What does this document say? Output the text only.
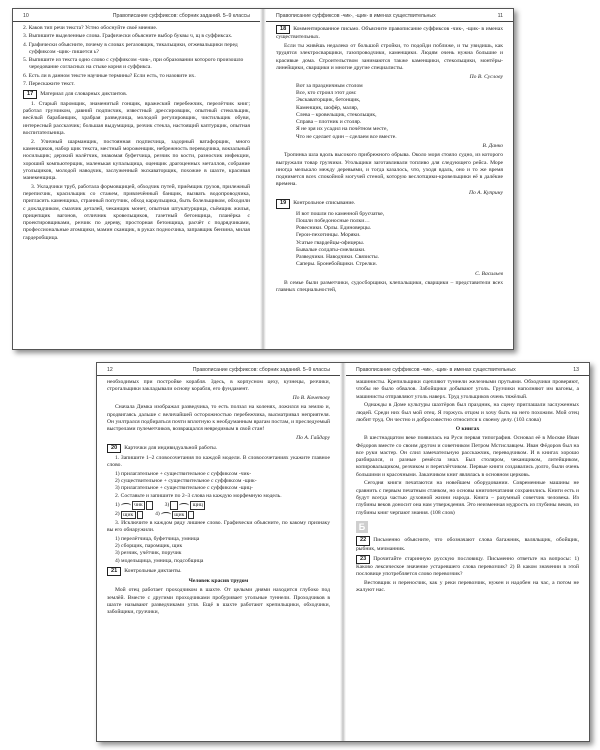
10	Правописание суффиксов: сборник заданий. 5–9 классы
2. Каков тип речи текста? Устно обоснуйте своё мнение.
3. Выпишите выделенные слова. Графически объясните выбор буквы ч, щ в суффиксах.
4. Графически объясните, почему в словах регазовщик, тикальщики, отжевальщики перед суффиксом -щик- пишется ь?
5. Выпишите из текста одно слово с суффиксом -чик-, при образовании которого произошло чередование согласных на стыке корня и суффикса.
6. Есть ли в данном тексте научные термины? Если есть, то назовите их.
7. Перескажите текст.
17 Материал для словарных диктантов.

1. Старый паромщик, знаменитый гонщик, вражеский перебежчик, перелётчик книг; работал грузчиком, давний подписчик, известный дрессировщик, опытный стекольщик, весёлый барабанщик, храбрая разведчица, молодой регулировщик, чистильщик обуви, интересный рассказчик; большая выдумщица, резчик стекла, настоящий каптурщик, опытная воспитательница.

2. Уличный шарманщик, постоянная подписчица, задорный ватафорщик, много каменщиков, набор щик текста, местный мороженщик, небрежность переводчика, вокзальный носильщик; дерзкий налётчик, знакомая буфетчица, резчик по кости, разносчик инфекции, хороший компьютерщик, маленькая купальщица, оценщик драгоценных металлов, собрание угольщиков, молодой наводчик, заслуженный экскаваторщик, похожие в шахте, красивая манекенщица.

3. Укладчики труб, работала формовщицей, обходчик путей, приёмщик грузов, прилежный переписчик, красильщик со стажем, привлечённый банщик, вызвать водопроводчика, пригласить каменщика, странный попутчик, обход караульщика, быть болельщиком, обходили с докладчиком, смазчик деталей, чеканщик монет, опытная штукатурщица, съёмщик жилья, прицепщик вагонов, отличник кровельщиков, газетный бетонщица, планёрка с проектировщиками, резчик по дереву, просторная бетонщица, расчёт с подрядчиками, профессиональные атомщики, мамин сканщик, в руках подносчика, заправщик бензина, милая гардеробщица.

Правописание суффиксов -чик-, -щик- в именах существительных	11
18 Комментированное письмо. Объясните правописание суффиксов -чик-, -щик- в именах существительных.

Если ты живёшь недалеко от большой стройки, то подойди поближе, и ты увидишь, как трудятся электросварщики, газопроводчики, каменщики. Людям очень нужна большие и красивые дома. Строительством занимаются также каменщики, стекольщики, монтёры-линейщики, сварщики и многие другие специалисты.

По В. Суслову
Вот за праздничным столом
Все, кто строил этот дом:
Экскаваторщик, бетонщик,
Каменщик, шофёр, маляр,
Слева – кровельщик, стекольщик,
Справа – плотник и столяр.
Я не зря их усадил на почётном месте,
Что не сделает один – сделаем все вместе.
В. Данко

Тропинка шла вдоль высокого прибрежного обрыва. Около моря стояло судно, из которого выгружали товар грузчики. Угольщики заготавливали топливо для следующего рейса. Море иногда мелькало между деревьями, и тогда казалось, что, уходя вдаль, оно и то же время поднимется всех спокойной могучей стеной, которую веслотщики-кровельщики её в далёкие времена.

По А. Куприну
19 Контрольное списывание.
И вот пошли по каменной брусчатке,
Пошли победоносные полки…
Ровесники. Орлы. Единоверцы.
Герои-пехотинцы. Моряки.
Усатые гвардейцы-офицеры.
Бывалые солдаты-смельчаки.
Разведчики. Наводчики. Связисты.
Саперы. Бронебойщики. Стрелки.
С. Васильев

В семье были разметчики, судосборщики, клепальщики, сварщики – представители всех главных специальностей,

12	Правописание суффиксов: сборник заданий. 5–9 классы

необходимых при постройке корабля. Здесь, в корпусном цеху, кузнецы, резчики, строгальщики закладывали основу корабля, его фундамент.

По В. Кочетову

Сначала Димка изображал разведчика, то есть ползал на коленях, ложился на землю и, продвигаясь дальше с величайшей осторожностью перебежчика, высматривал неприятеля. Он уилтрался подбираться почти вплотную к необдуманным врагам постам, и преследуемый выстрелами пулеметчиков, возвращался невредимым в свой стан!

По А. Гайдару
20 Карточки для индивидуальной работы.

1. Запишите 1–2 словосочетания по каждой модели. В словосочетаниях укажите главное слово.

1) прилагательное + существительное с суффиксом -чик-
2) существительное + существительное с суффиксом -щик-
3) прилагательное + существительное с суффиксом -щиц-

2. Составьте и запишите по 2–3 слова на каждую морфемную модель.

1)	чик
	3)
	щиц
2) щик
	4)	щик

3. Исключите в каждом ряду лишнее слово. Графически объясните, по какому признаку вы его обнаружили.

1) перелётчица, буфетчица, умница
2) сборщик, паромщик, щик
3) резчик, учётчик, поручик
4) модельщица, умница, подсобщица
21 Контрольные диктанты.
Человек красив трудом

Мой отец работает проходчиком в шахте. От целыми днями находится глубоко под землёй. Вместе с другими проходчиками пробуривает угольные туннели. Проходчиков в шахте называют разведчиками угля. Ещё в шахте работают крепильщики, обходчики, забойщики, грузчики,

Правописание суффиксов -чик-, -щик- в именах существительных	13

машинисты. Крепильщики сцепляют туннели железными прутьями. Обходчики проверяют, чтобы не было обвалов. Забойщики добывают уголь. Грузчики наполняют им вагоны, а машинисты отправляют уголь наверх. Труд угольщиков очень тяжёлый.

Однажды в Доме культуры шахтёров был праздник, на сцену приглашали заслуженных людей. Среди них был мой отец. Я горжусь отцом и хочу быть на него похожим. Мой отец любит труд. Он честно и добросовестно относится к своему делу. (103 слова)

О книгах

В шестнадцатом веке появилась на Руси первая типография. Основал её в Москве Иван Фёдоров вместе со своим другом и советником Петром Мстиславцем. Иван Фёдоров был на все руки мастер. Он слил замечательную расскажчик, переводчиком. И в книгах хорошо разбирался, и разные ремёсла знал. Был столяром, чеканщиком, литейщиком, копировальщиком, резчиком и переплётчиком. Первые книги создавались долго, были очень большими и красочными. Заказчиком книг являлась в основном церковь.

Сегодня книги печатаются на новейшем оборудовании. Современные машины не сравнить с первым печатным станком, но основы книгопечатания сохранились. Книги есть и будут всегда частью духовной жизни народа. Книга – разумный советчик человека. Из глубины веков доносит она нам утверждения. Это неизменная мудрость из глубины веков, из глубины книг черпают знания. (108 слов)

Б
22 Письменно объясните, что обозначают слова багажник, валяльщик, обойщик, рыбник, мичманник.
23 Прочитайте старинную русскую пословицу. Письменно ответьте на вопросы: 1) Каково лексическое значение устаревшего слова перевозчик? 2) В каком значении в этой пословице употребляется слово перевозчик?

Вестовщик и переносчик, как у реки перевозчик, нужен и надобен на час, а потом не жалуют нас.
